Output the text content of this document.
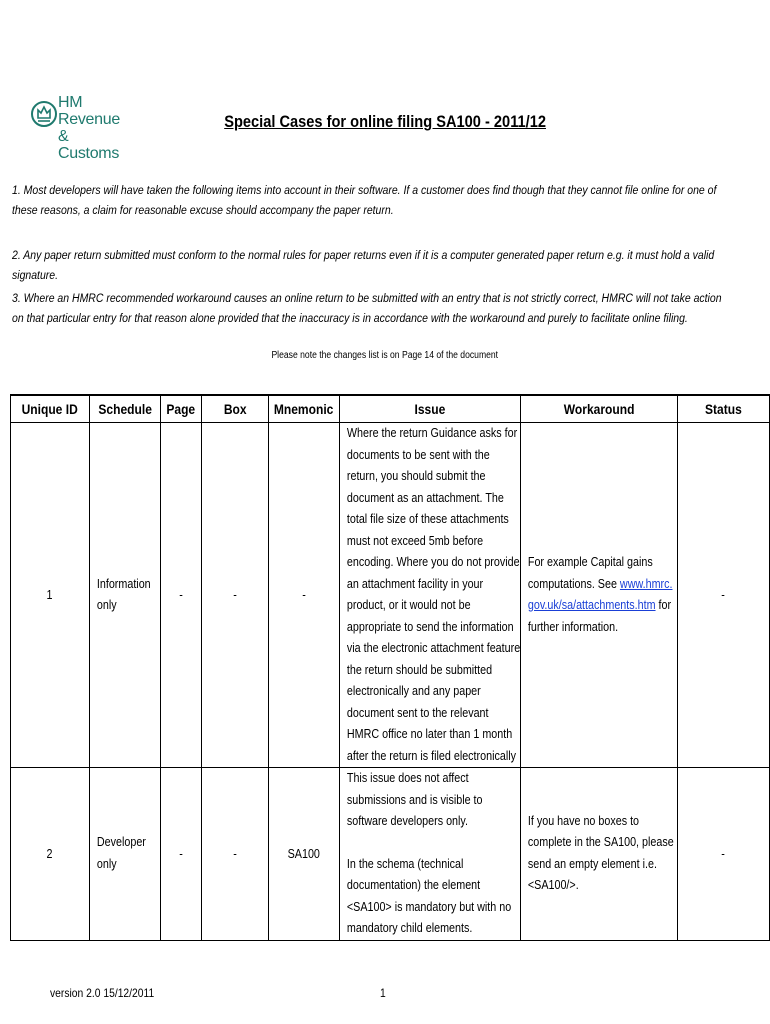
HM Revenue
& Customs
Special Cases for online filing SA100 - 2011/12
1. Most developers will have taken the following items into account in their software. If a customer does find though that they cannot file online for one of these reasons, a claim for reasonable excuse should accompany the paper return.
2. Any paper return submitted must conform to the normal rules for paper returns even if it is a computer generated paper return e.g. it must hold a valid signature.
3. Where an HMRC recommended workaround causes an online return to be submitted with an entry that is not strictly correct, HMRC will not take action on that particular entry for that reason alone provided that the inaccuracy is in accordance with the workaround and purely to facilitate online filing.
Please note the changes list is on Page 14 of the document
Unique ID	Schedule	Page	Box	Mnemonic	Issue	Workaround	Status
1	Information only	-	-	-	Where the return Guidance asks for documents to be sent with the return, you should submit the document as an attachment. The total file size of these attachments must not exceed 5mb before encoding. Where you do not provide an attachment facility in your product, or it would not be appropriate to send the information via the electronic attachment feature the return should be submitted electronically and any paper document sent to the relevant HMRC office no later than 1 month after the return is filed electronically	For example Capital gains computations. See www.hmrc.gov.uk/sa/attachments.htm for further information.	-
2	Developer only	-	-	SA100	This issue does not affect submissions and is visible to software developers only.
In the schema (technical documentation) the element <SA100> is mandatory but with no mandatory child elements.	If you have no boxes to complete in the SA100, please send an empty element i.e. <SA100/>.	-
version 2.0 15/12/2011	1
